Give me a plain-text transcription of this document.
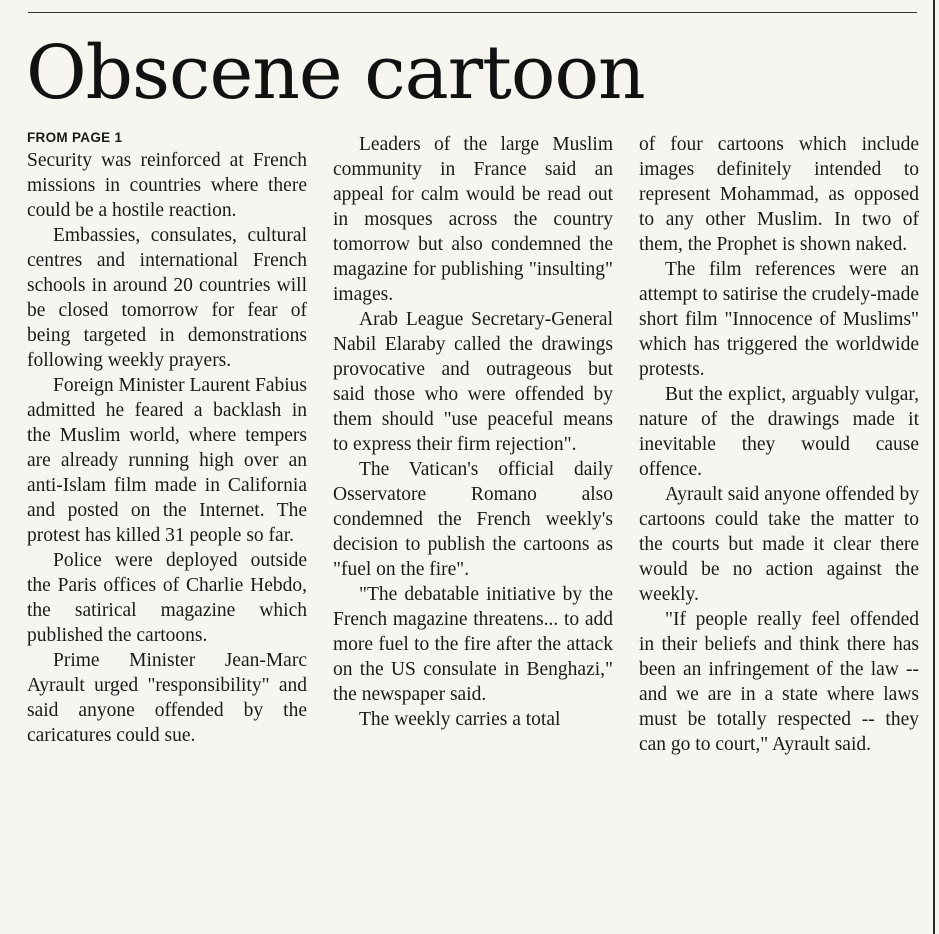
Obscene cartoon
FROM PAGE 1

Security was reinforced at French missions in countries where there could be a hostile reaction.

Embassies, consulates, cultural centres and international French schools in around 20 countries will be closed tomorrow for fear of being targeted in demonstrations following weekly prayers.

Foreign Minister Laurent Fabius admitted he feared a backlash in the Muslim world, where tempers are already running high over an anti-Islam film made in California and posted on the Internet. The protest has killed 31 people so far.

Police were deployed outside the Paris offices of Charlie Hebdo, the satirical magazine which published the cartoons.

Prime Minister Jean-Marc Ayrault urged "responsibility" and said anyone offended by the caricatures could sue.

Leaders of the large Muslim community in France said an appeal for calm would be read out in mosques across the country tomorrow but also condemned the magazine for publishing "insulting" images.

Arab League Secretary-General Nabil Elaraby called the drawings provocative and outrageous but said those who were offended by them should "use peaceful means to express their firm rejection".

The Vatican's official daily Osservatore Romano also condemned the French weekly's decision to publish the cartoons as "fuel on the fire".

"The debatable initiative by the French magazine threatens... to add more fuel to the fire after the attack on the US consulate in Benghazi," the newspaper said.

The weekly carries a total

of four cartoons which include images definitely intended to represent Mohammad, as opposed to any other Muslim. In two of them, the Prophet is shown naked.

The film references were an attempt to satirise the crudely-made short film "Innocence of Muslims" which has triggered the worldwide protests.

But the explict, arguably vulgar, nature of the drawings made it inevitable they would cause offence.

Ayrault said anyone offended by cartoons could take the matter to the courts but made it clear there would be no action against the weekly.

"If people really feel offended in their beliefs and think there has been an infringement of the law -- and we are in a state where laws must be totally respected -- they can go to court," Ayrault said.
